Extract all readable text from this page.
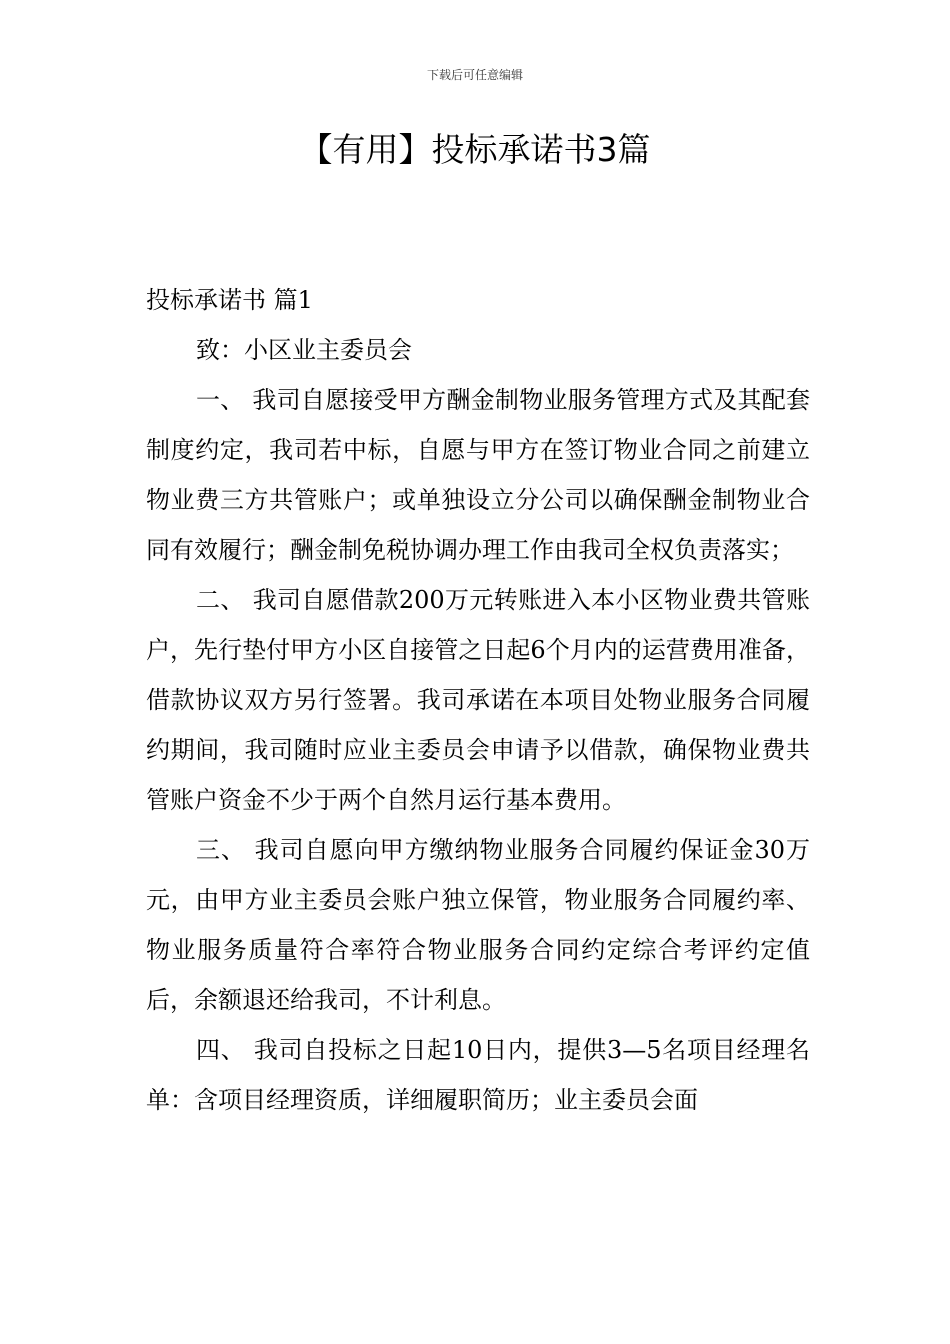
下载后可任意编辑
【有用】投标承诺书3篇

投标承诺书 篇1

致：小区业主委员会

一、 我司自愿接受甲方酬金制物业服务管理方式及其配套制度约定，我司若中标，自愿与甲方在签订物业合同之前建立物业费三方共管账户；或单独设立分公司以确保酬金制物业合同有效履行；酬金制免税协调办理工作由我司全权负责落实；

二、 我司自愿借款200万元转账进入本小区物业费共管账户，先行垫付甲方小区自接管之日起6个月内的运营费用准备，借款协议双方另行签署。我司承诺在本项目处物业服务合同履约期间，我司随时应业主委员会申请予以借款，确保物业费共管账户资金不少于两个自然月运行基本费用。

三、 我司自愿向甲方缴纳物业服务合同履约保证金30万元，由甲方业主委员会账户独立保管，物业服务合同履约率、物业服务质量符合率符合物业服务合同约定综合考评约定值后，余额退还给我司，不计利息。

四、 我司自投标之日起10日内，提供3—5名项目经理名单：含项目经理资质，详细履职简历；业主委员会面
